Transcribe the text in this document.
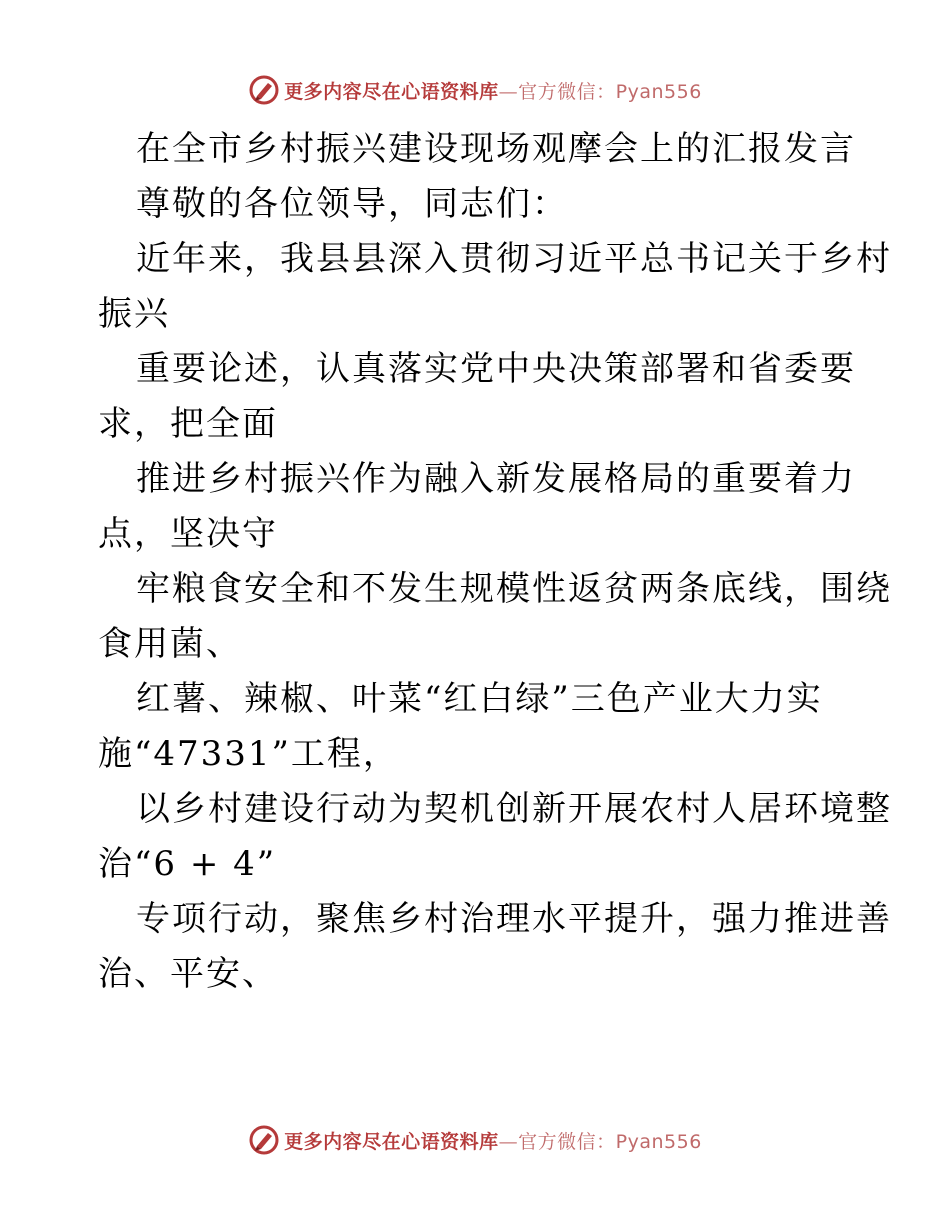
更多内容尽在心语资料库—官方微信：Pyan556
在全市乡村振兴建设现场观摩会上的汇报发言
尊敬的各位领导，同志们：
近年来，我县县深入贯彻习近平总书记关于乡村
振兴
重要论述，认真落实党中央决策部署和省委要
求，把全面
推进乡村振兴作为融入新发展格局的重要着力
点，坚决守
牢粮食安全和不发生规模性返贫两条底线，围绕
食用菌、
红薯、辣椒、叶菜“红白绿”三色产业大力实
施“47331”工程，
以乡村建设行动为契机创新开展农村人居环境整
治“6 + 4”
专项行动，聚焦乡村治理水平提升，强力推进善
治、平安、
更多内容尽在心语资料库—官方微信：Pyan556
